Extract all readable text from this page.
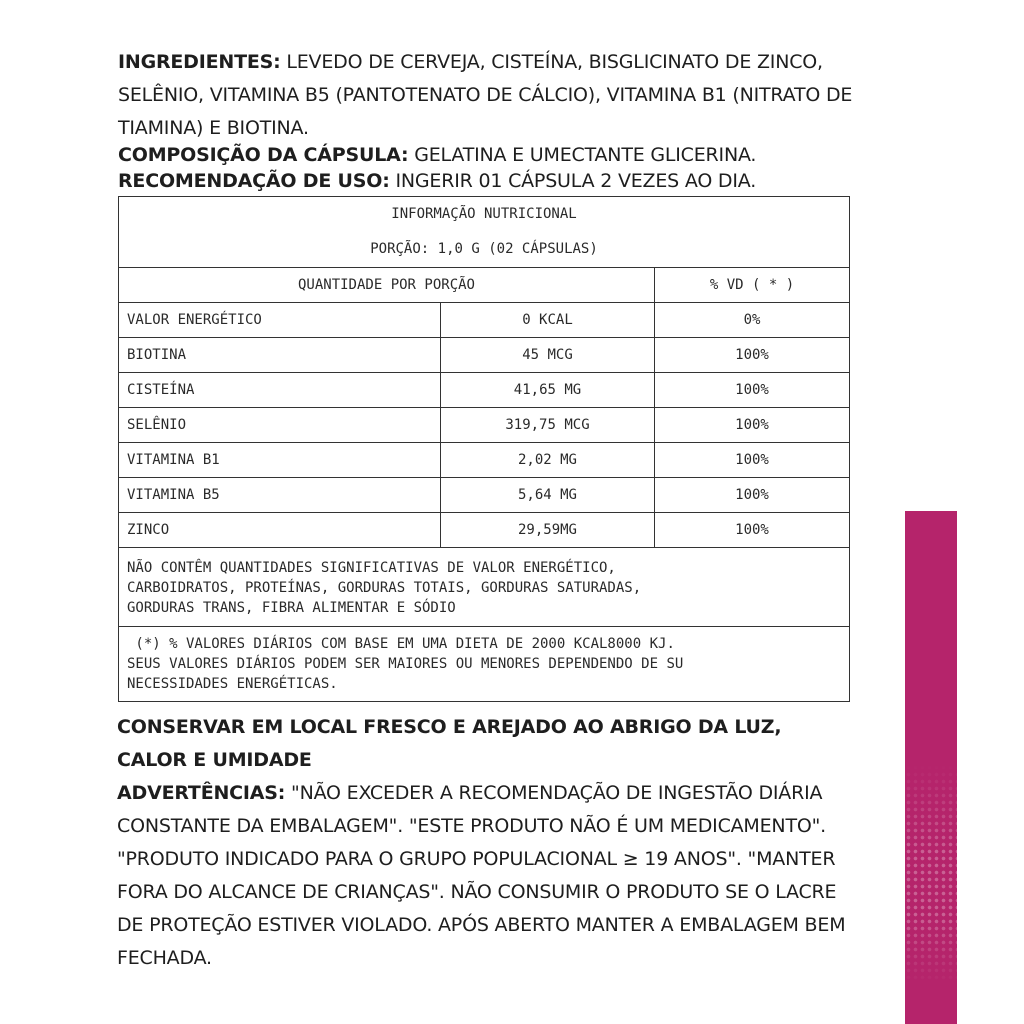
INGREDIENTES: LEVEDO DE CERVEJA, CISTEÍNA, BISGLICINATO DE ZINCO, SELÊNIO, VITAMINA B5 (PANTOTENATO DE CÁLCIO), VITAMINA B1 (NITRATO DE TIAMINA) E BIOTINA.
COMPOSIÇÃO DA CÁPSULA: GELATINA E UMECTANTE GLICERINA.
RECOMENDAÇÃO DE USO: INGERIR 01 CÁPSULA 2 VEZES AO DIA.
INFORMAÇÃO NUTRICIONAL
PORÇÃO: 1,0 G (02 CÁPSULAS)		

QUANTIDADE POR PORÇÃO		% VD ( * )
VALOR ENERGÉTICO	0 KCAL	0%
BIOTINA	45 MCG	100%
CISTEÍNA	41,65 MG	100%
SELÊNIO	319,75 MCG	100%
VITAMINA B1	2,02 MG	100%
VITAMINA B5	5,64 MG	100%
ZINCO	29,59MG	100%

NÃO CONTÊM QUANTIDADES SIGNIFICATIVAS DE VALOR ENERGÉTICO,
CARBOIDRATOS, PROTEÍNAS, GORDURAS TOTAIS, GORDURAS SATURADAS,
GORDURAS TRANS, FIBRA ALIMENTAR E SÓDIO		

(*) % VALORES DIÁRIOS COM BASE EM UMA DIETA DE 2000 KCAL8000 KJ.
SEUS VALORES DIÁRIOS PODEM SER MAIORES OU MENORES DEPENDENDO DE SU
NECESSIDADES ENERGÉTICAS.		
CONSERVAR EM LOCAL FRESCO E AREJADO AO ABRIGO DA LUZ,
CALOR E UMIDADE
ADVERTÊNCIAS: "NÃO EXCEDER A RECOMENDAÇÃO DE INGESTÃO DIÁRIA CONSTANTE DA EMBALAGEM". "ESTE PRODUTO NÃO É UM MEDICAMENTO". "PRODUTO INDICADO PARA O GRUPO POPULACIONAL ≥ 19 ANOS". "MANTER FORA DO ALCANCE DE CRIANÇAS". NÃO CONSUMIR O PRODUTO SE O LACRE DE PROTEÇÃO ESTIVER VIOLADO. APÓS ABERTO MANTER A EMBALAGEM BEM FECHADA.
